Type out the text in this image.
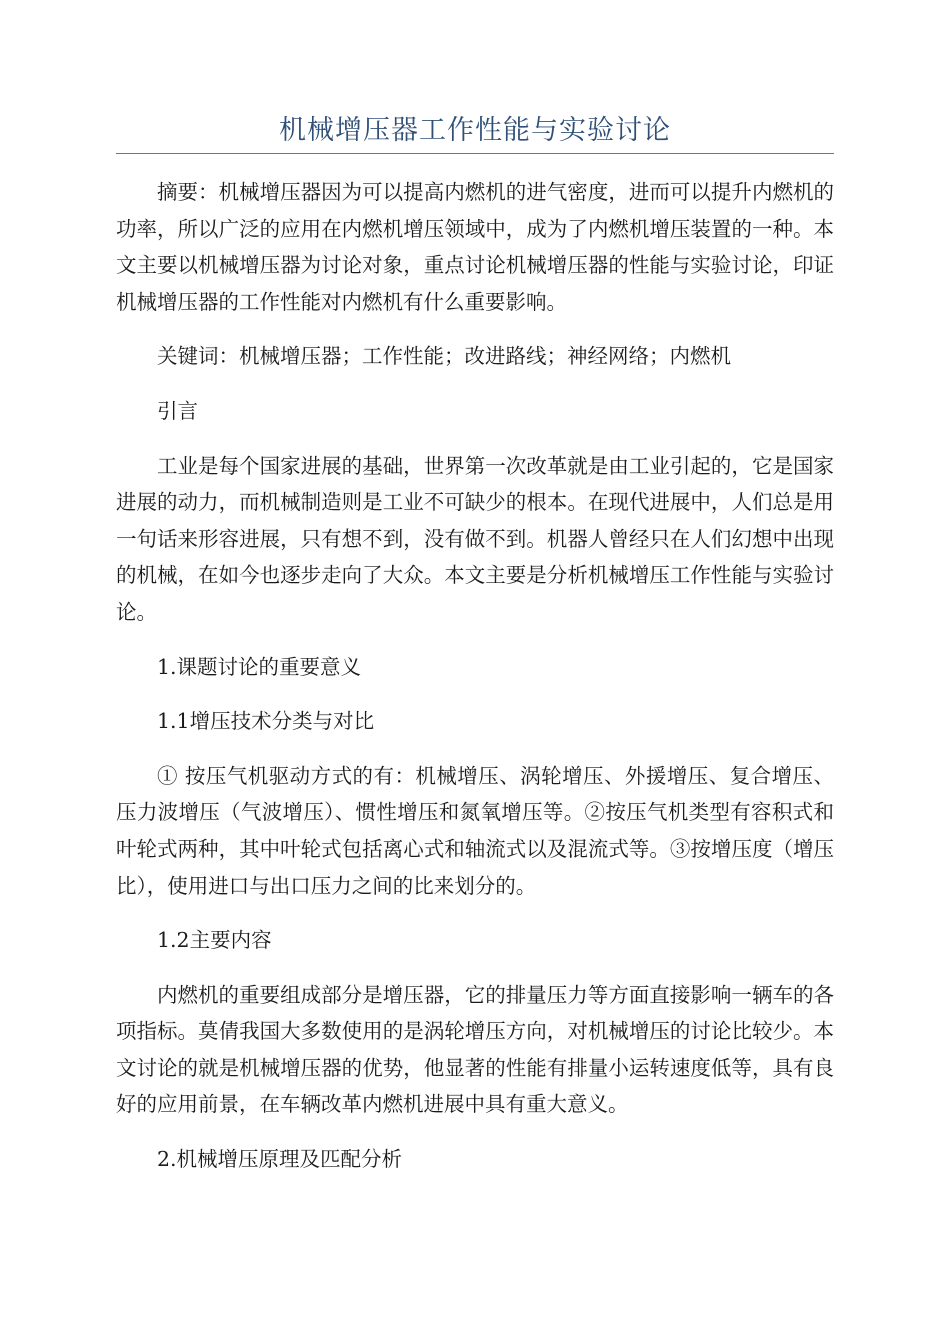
机械增压器工作性能与实验讨论

摘要：机械增压器因为可以提高内燃机的进气密度，进而可以提升内燃机的功率，所以广泛的应用在内燃机增压领域中，成为了内燃机增压装置的一种。本文主要以机械增压器为讨论对象，重点讨论机械增压器的性能与实验讨论，印证机械增压器的工作性能对内燃机有什么重要影响。

关键词：机械增压器；工作性能；改进路线；神经网络；内燃机

引言

工业是每个国家进展的基础，世界第一次改革就是由工业引起的，它是国家进展的动力，而机械制造则是工业不可缺少的根本。在现代进展中，人们总是用一句话来形容进展，只有想不到，没有做不到。机器人曾经只在人们幻想中出现的机械，在如今也逐步走向了大众。本文主要是分析机械增压工作性能与实验讨论。

1.课题讨论的重要意义

1.1增压技术分类与对比

① 按压气机驱动方式的有：机械增压、涡轮增压、外援增压、复合增压、压力波增压（气波增压）、惯性增压和氮氧增压等。②按压气机类型有容积式和叶轮式两种，其中叶轮式包括离心式和轴流式以及混流式等。③按增压度（增压比），使用进口与出口压力之间的比来划分的。

1.2主要内容

内燃机的重要组成部分是增压器，它的排量压力等方面直接影响一辆车的各项指标。莫倩我国大多数使用的是涡轮增压方向，对机械增压的讨论比较少。本文讨论的就是机械增压器的优势，他显著的性能有排量小运转速度低等，具有良好的应用前景，在车辆改革内燃机进展中具有重大意义。

2.机械增压原理及匹配分析
